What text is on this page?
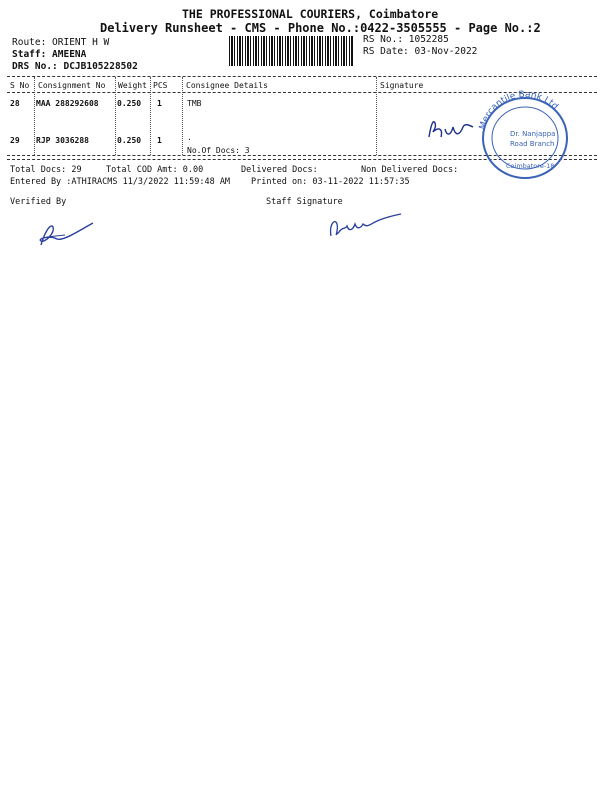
THE PROFESSIONAL COURIERS, Coimbatore
Delivery Runsheet - CMS - Phone No.:0422-3505555 - Page No.:2
Route: ORIENT H W
Staff: AMEENA
DRS No.: DCJB105228502
RS No.: 1052285
RS Date: 03-Nov-2022
S No Consignment No Weight PCS Consignee Details	Signature
28 MAA 288292608 0.250 1	TMB
29 RJP 3036288	0.250 1	.
No.Of Docs: 3
Mercantile Bank Ltd
Dr. Nanjappa
Road Branch
Coimbatore-18
Total Docs: 29	Total COD Amt: 0.00	Delivered Docs:	Non Delivered Docs:
Entered By :ATHIRACMS 11/3/2022 11:59:48 AM Printed on: 03-11-2022 11:57:35
Verified By	Staff Signature
